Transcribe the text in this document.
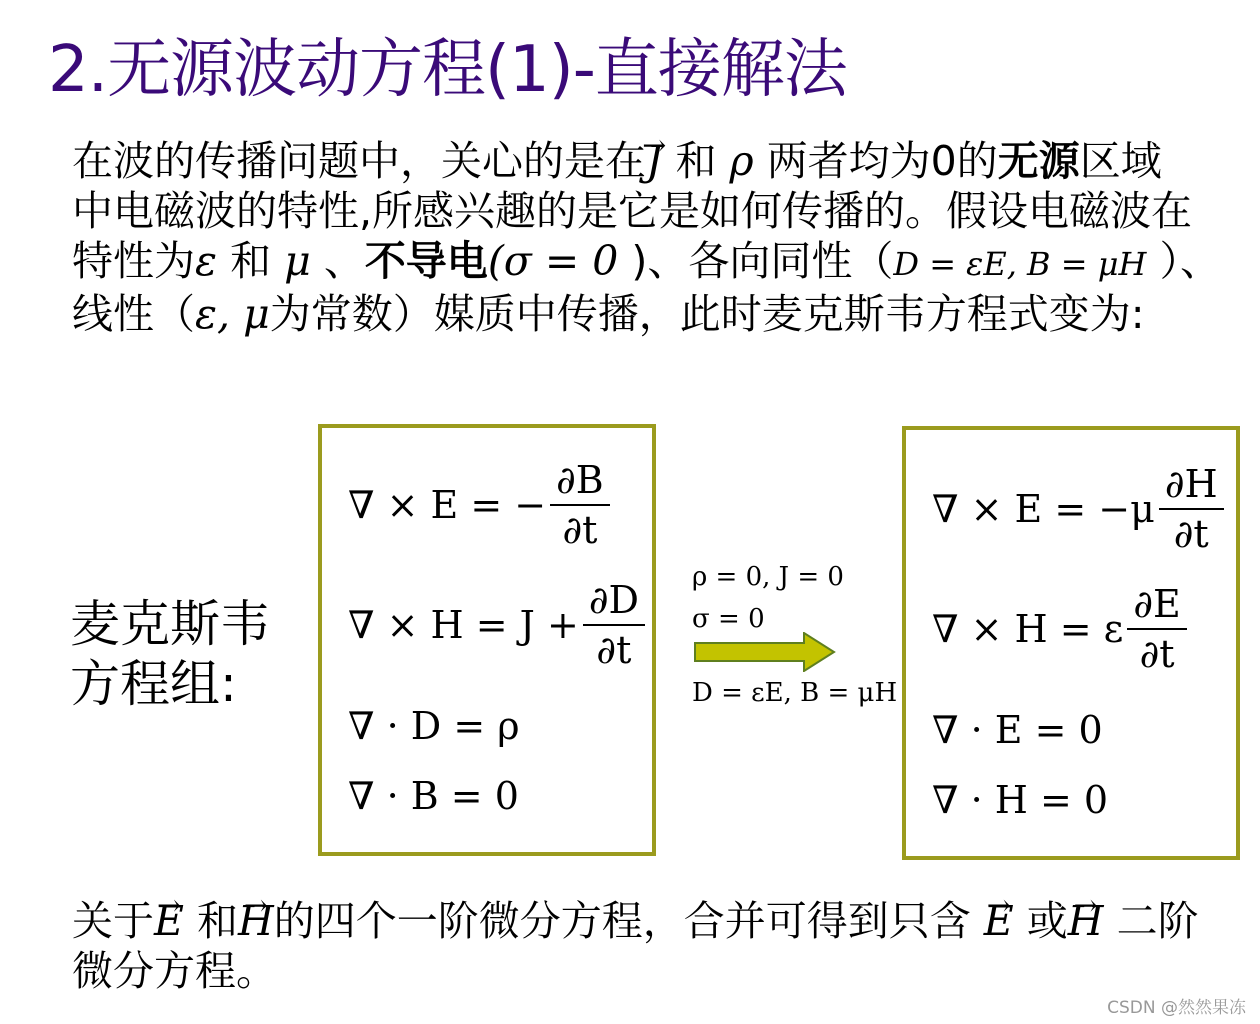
2.无源波动方程(1)-直接解法
在波的传播问题中，关心的是在→ J 和 ρ 两者均为0的无源区域
中电磁波的特性,所感兴趣的是它是如何传播的。假设电磁波在
特性为ε 和 μ 、不导电(σ = 0 )、各向同性（D = εE, B = μH ）、
线性（ε, μ为常数）媒质中传播，此时麦克斯韦方程式变为:
麦克斯韦
方程组:
∇ × E = − $\frac{\partial B}{\partial t}$
∇ × $H = J + \frac{\partial D}{\partial t}$
∇ · D = ρ
∇ · B = 0
ρ = 0, J = 0
σ = 0
D = εE, B = μH
∇ × $E = -\mu \frac{\partial H}{\partial t}$
∇ × H = ε $\frac{\partial E}{\partial t}$
∇ · E = 0
∇ · H = 0
关于→ E 和→ H的四个一阶微分方程，合并可得到只含 → E 或→ H 二阶
微分方程。
CSDN @然然果冻
